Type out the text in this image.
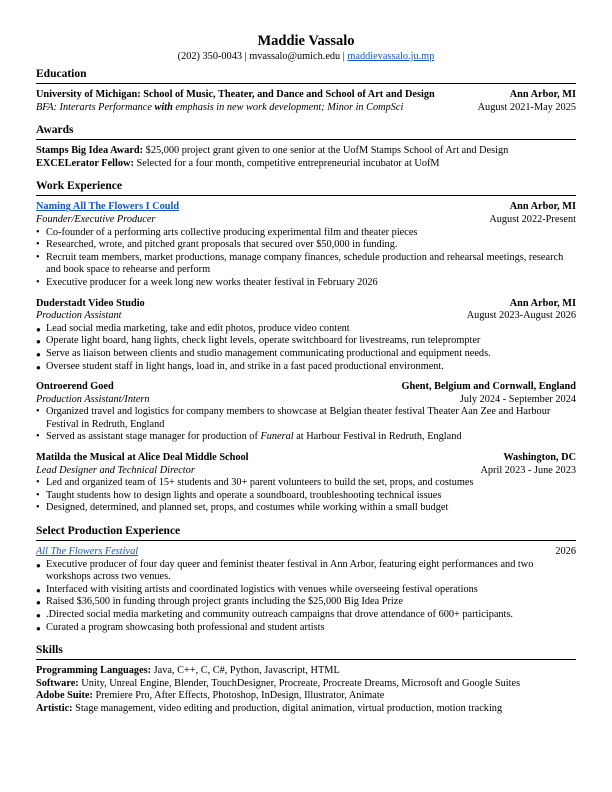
Maddie Vassalo
(202) 350-0043 | mvassalo@umich.edu | maddievassalo.ju.mp
Education
University of Michigan: School of Music, Theater, and Dance and School of Art and Design	Ann Arbor, MI
BFA: Interarts Performance with emphasis in new work development; Minor in CompSci	August 2021-May 2025
Awards
Stamps Big Idea Award: $25,000 project grant given to one senior at the UofM Stamps School of Art and Design
EXCELerator Fellow: Selected for a four month, competitive entrepreneurial incubator at UofM
Work Experience
Naming All The Flowers I Could	Ann Arbor, MI
Founder/Executive Producer	August 2022-Present
• Co-founder of a performing arts collective producing experimental film and theater pieces
• Researched, wrote, and pitched grant proposals that secured over $50,000 in funding.
• Recruit team members, market productions, manage company finances, schedule production and rehearsal meetings, research and book space to rehearse and perform
• Executive producer for a week long new works theater festival in February 2026
Duderstadt Video Studio	Ann Arbor, MI
Production Assistant	August 2023-August 2026
● Lead social media marketing, take and edit photos, produce video content
● Operate light board, hang lights, check light levels, operate switchboard for livestreams, run teleprompter
● Serve as liaison between clients and studio management communicating productional and equipment needs.
● Oversee student staff in light hangs, load in, and strike in a fast paced productional environment.
Ontroerend Goed	Ghent, Belgium and Cornwall, England
Production Assistant/Intern	July 2024 - September 2024
• Organized travel and logistics for company members to showcase at Belgian theater festival Theater Aan Zee and Harbour Festival in Redruth, England
• Served as assistant stage manager for production of Funeral at Harbour Festival in Redruth, England
Matilda the Musical at Alice Deal Middle School	Washington, DC
Lead Designer and Technical Director	April 2023 - June 2023
• Led and organized team of 15+ students and 30+ parent volunteers to build the set, props, and costumes
• Taught students how to design lights and operate a soundboard, troubleshooting technical issues
• Designed, determined, and planned set, props, and costumes while working within a small budget
Select Production Experience
All The Flowers Festival	2026
● Executive producer of four day queer and feminist theater festival in Ann Arbor, featuring eight performances and two workshops across two venues.
● Interfaced with visiting artists and coordinated logistics with venues while overseeing festival operations
● Raised $36,500 in funding through project grants including the $25,000 Big Idea Prize
● .Directed social media marketing and community outreach campaigns that drove attendance of 600+ participants.
● Curated a program showcasing both professional and student artists
Skills
Programming Languages: Java, C++, C, C#, Python, Javascript, HTML
Software: Unity, Unreal Engine, Blender, TouchDesigner, Procreate, Procreate Dreams, Microsoft and Google Suites
Adobe Suite: Premiere Pro, After Effects, Photoshop, InDesign, Illustrator, Animate
Artistic: Stage management, video editing and production, digital animation, virtual production, motion tracking
